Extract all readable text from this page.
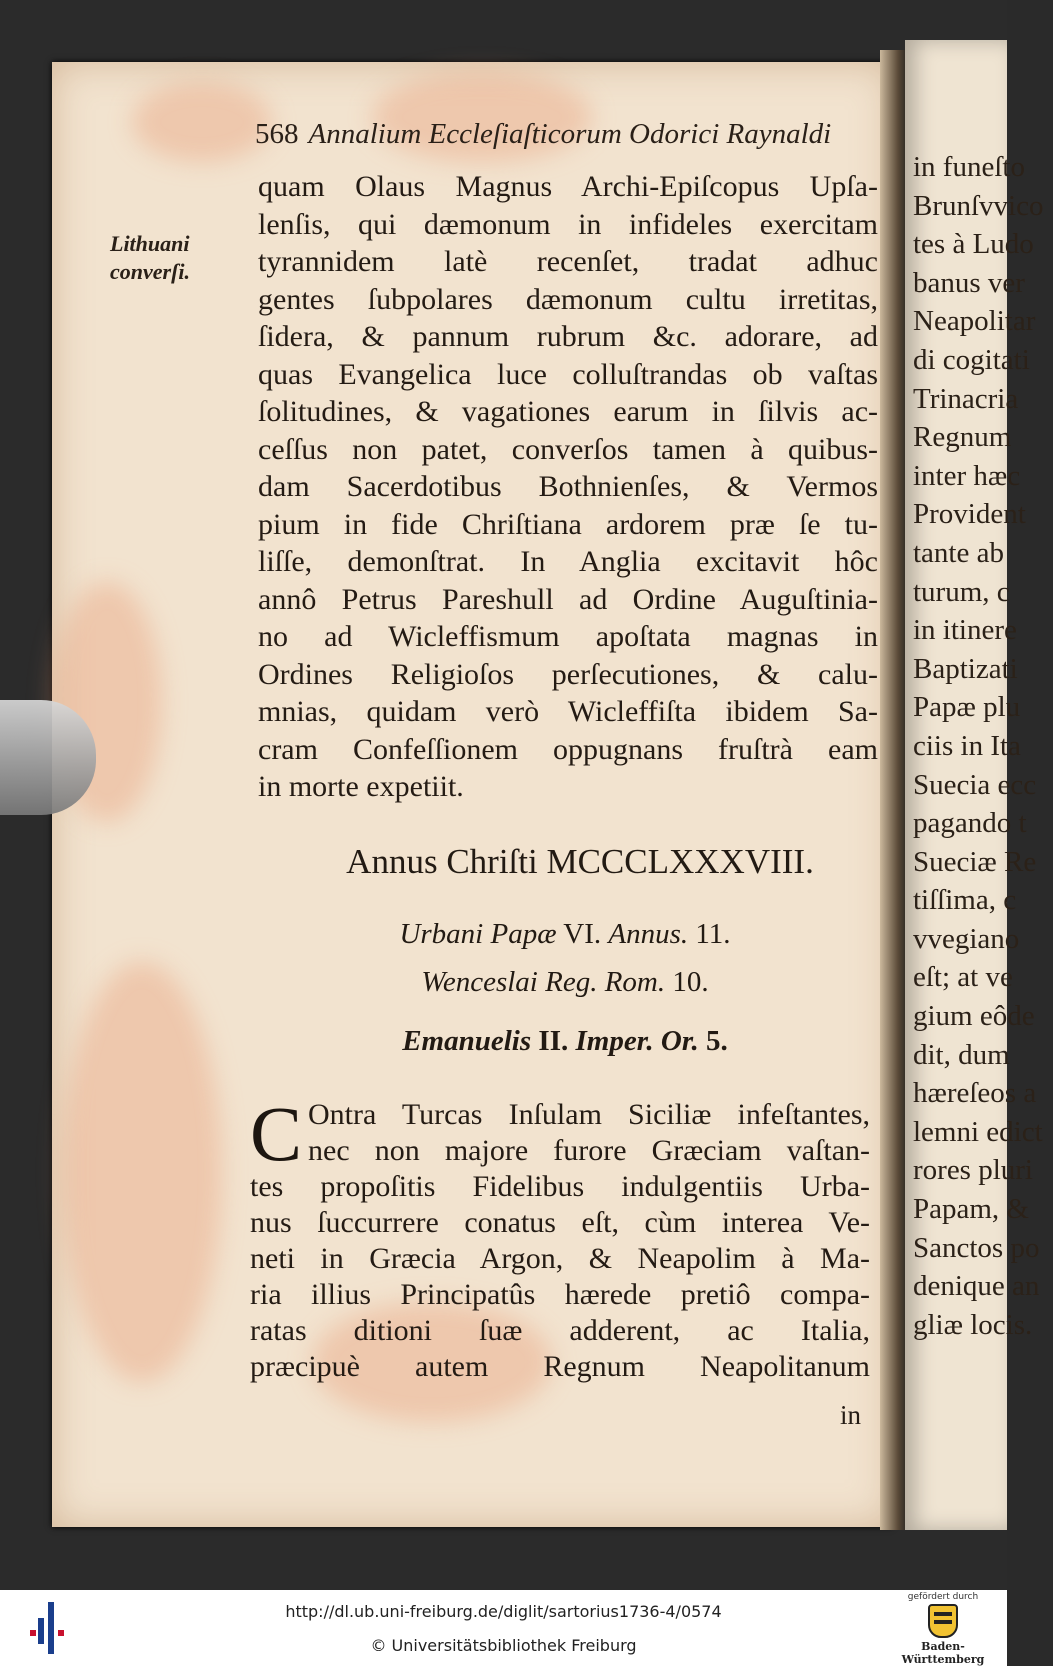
in funeſto
Brunſvvico
tes à Ludo
banus ver
Neapolitar
di cogitati
Trinacria
Regnum
inter hæc
Provident
tante ab
turum, c
in itinere
Baptizati
Papæ plu
ciis in Ita
Suecia ecc
pagando t
Sueciæ Re
tiſſima, c
vvegiano
eſt; at ve
gium eôde
dit, dum
hæreſeos a
lemni edict
rores pluri
Papam, &
Sanctos po
denique an
gliæ locis.
568 Annalium Eccleſiaſticorum Odorici Raynaldi
Lithuani
converſi.
quam Olaus Magnus Archi-Epiſcopus Upſa-
lenſis, qui dæmonum in infideles exercitam
tyrannidem latè recenſet, tradat adhuc
gentes ſubpolares dæmonum cultu irretitas,
ſidera, & pannum rubrum &c. adorare, ad
quas Evangelica luce colluſtrandas ob vaſtas
ſolitudines, & vagationes earum in ſilvis ac-
ceſſus non patet, converſos tamen à quibus-
dam Sacerdotibus Bothnienſes, & Vermos
pium in fide Chriſtiana ardorem præ ſe tu-
liſſe, demonſtrat. In Anglia excitavit hôc
annô Petrus Pareshull ad Ordine Auguſtinia-
no ad Wicleffismum apoſtata magnas in
Ordines Religioſos perſecutiones, & calu-
mnias, quidam verò Wicleffiſta ibidem Sa-
cram Confeſſionem oppugnans fruſtrà eam
in morte expetiit.
Annus Chriſti MCCCLXXXVIII.
Urbani Papæ VI. Annus. 11.
Wenceslai Reg. Rom. 10.
Emanuelis II. Imper. Or. 5.
C Ontra Turcas Inſulam Siciliæ infeſtantes,
nec non majore furore Græciam vaſtan-
tes propoſitis Fidelibus indulgentiis Urba-
nus ſuccurrere conatus eſt, cùm interea Ve-
neti in Græcia Argon, & Neapolim à Ma-
ria illius Principatûs hærede pretiô compa-
ratas ditioni ſuæ adderent, ac Italia,
præcipuè autem Regnum Neapolitanum
in
http://dl.ub.uni-freiburg.de/diglit/sartorius1736-4/0574
© Universitätsbibliothek Freiburg
gefördert durch
Baden-Württemberg
